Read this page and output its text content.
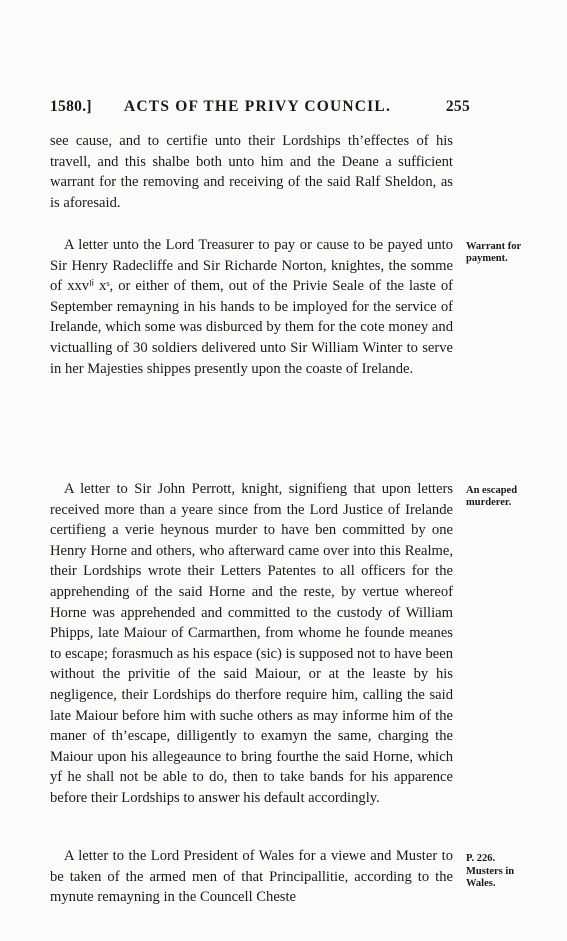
1580.] ACTS OF THE PRIVY COUNCIL.	255

see cause, and to certifie unto their Lordships th’effectes of his travell, and this shalbe both unto him and the Deane a sufficient warrant for the removing and receiving of the said Ralf Sheldon, as is aforesaid.

A letter unto the Lord Treasurer to pay or cause to be payed unto Sir Henry Radecliffe and Sir Richarde Norton, knightes, the somme of xxvˡⁱ xˢ, or either of them, out of the Privie Seale of the laste of September remayning in his hands to be imployed for the service of Irelande, which some was disburced by them for the cote money and victualling of 30 soldiers delivered unto Sir William Winter to serve in her Majesties shippes presently upon the coaste of Irelande.

A letter to Sir John Perrott, knight, signifieng that upon letters received more than a yeare since from the Lord Justice of Irelande certifieng a verie heynous murder to have ben committed by one Henry Horne and others, who afterward came over into this Realme, their Lordships wrote their Letters Patentes to all officers for the apprehending of the said Horne and the reste, by vertue whereof Horne was apprehended and committed to the custody of William Phipps, late Maiour of Carmarthen, from whome he founde meanes to escape; forasmuch as his espace (sic) is supposed not to have been without the privitie of the said Maiour, or at the leaste by his negligence, their Lordships do therfore require him, calling the said late Maiour before him with suche others as may informe him of the maner of th’escape, dilligently to examyn the same, charging the Maiour upon his allegeaunce to bring fourthe the said Horne, which yf he shall not be able to do, then to take bands for his apparence before their Lordships to answer his default accordingly.

A letter to the Lord President of Wales for a viewe and Muster to be taken of the armed men of that Principallitie, according to the mynute remayning in the Councell Cheste

Warrant for payment.
An escaped murderer.
P. 226.
Musters in Wales.
